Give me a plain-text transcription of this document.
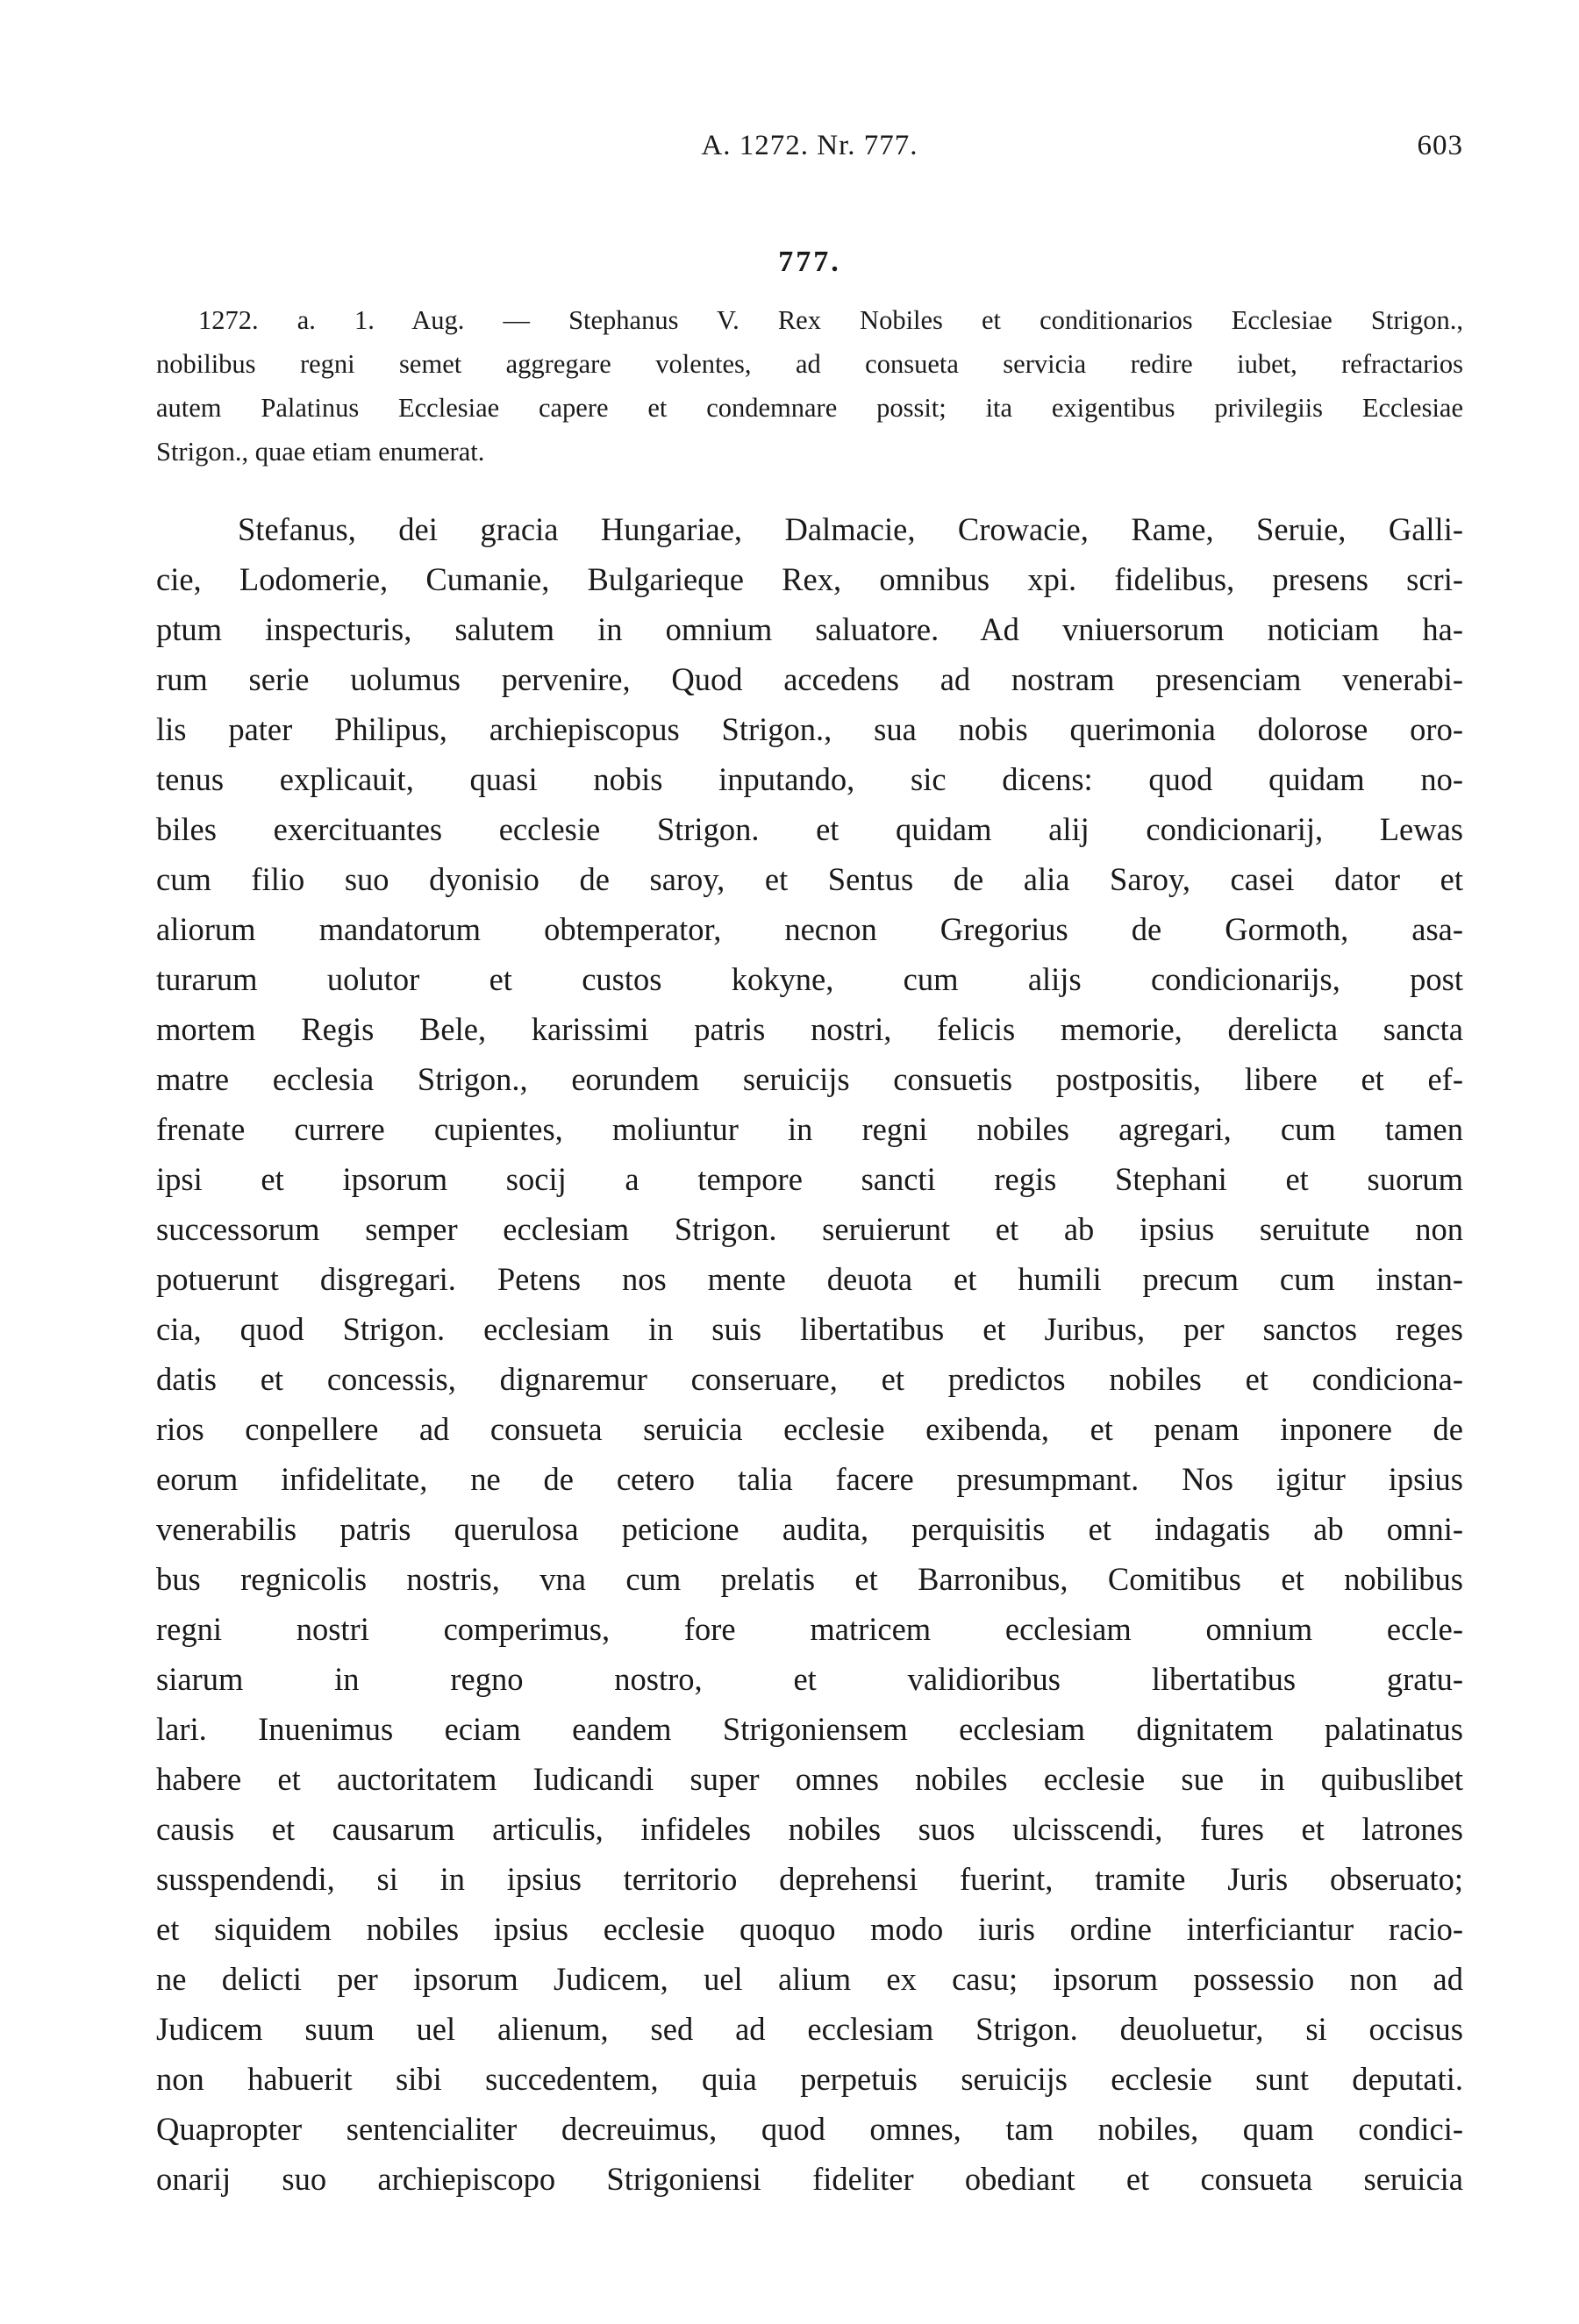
A. 1272. Nr. 777.	603
777.
1272. a. 1. Aug. — Stephanus V. Rex Nobiles et conditionarios Ecclesiae Strigon.,
nobilibus regni semet aggregare volentes, ad consueta servicia redire iubet, refractarios
autem Palatinus Ecclesiae capere et condemnare possit; ita exigentibus privilegiis Ecclesiae
Strigon., quae etiam enumerat.
Stefanus, dei gracia Hungariae, Dalmacie, Crowacie, Rame, Seruie, Galli-
cie, Lodomerie, Cumanie, Bulgarieque Rex, omnibus xpi. fidelibus, presens scri-
ptum inspecturis, salutem in omnium saluatore. Ad vniuersorum noticiam ha-
rum serie uolumus pervenire, Quod accedens ad nostram presenciam venerabi-
lis pater Philipus, archiepiscopus Strigon., sua nobis querimonia dolorose oro-
tenus explicauit, quasi nobis inputando, sic dicens: quod quidam no-
biles exercituantes ecclesie Strigon. et quidam alij condicionarij, Lewas
cum filio suo dyonisio de saroy, et Sentus de alia Saroy, casei dator et
aliorum mandatorum obtemperator, necnon Gregorius de Gormoth, asa-
turarum uolutor et custos kokyne, cum alijs condicionarijs, post
mortem Regis Bele, karissimi patris nostri, felicis memorie, derelicta sancta
matre ecclesia Strigon., eorundem seruicijs consuetis postpositis, libere et ef-
frenate currere cupientes, moliuntur in regni nobiles agregari, cum tamen
ipsi et ipsorum socij a tempore sancti regis Stephani et suorum
successorum semper ecclesiam Strigon. seruierunt et ab ipsius seruitute non
potuerunt disgregari. Petens nos mente deuota et humili precum cum instan-
cia, quod Strigon. ecclesiam in suis libertatibus et Juribus, per sanctos reges
datis et concessis, dignaremur conseruare, et predictos nobiles et condiciona-
rios conpellere ad consueta seruicia ecclesie exibenda, et penam inponere de
eorum infidelitate, ne de cetero talia facere presumpmant. Nos igitur ipsius
venerabilis patris querulosa peticione audita, perquisitis et indagatis ab omni-
bus regnicolis nostris, vna cum prelatis et Barronibus, Comitibus et nobilibus
regni nostri comperimus, fore matricem ecclesiam omnium eccle-
siarum in regno nostro, et validioribus libertatibus gratu-
lari. Inuenimus eciam eandem Strigoniensem ecclesiam dignitatem palatinatus
habere et auctoritatem Iudicandi super omnes nobiles ecclesie sue in quibuslibet
causis et causarum articulis, infideles nobiles suos ulcisscendi, fures et latrones
susspendendi, si in ipsius territorio deprehensi fuerint, tramite Juris obseruato;
et siquidem nobiles ipsius ecclesie quoquo modo iuris ordine interficiantur racio-
ne delicti per ipsorum Judicem, uel alium ex casu; ipsorum possessio non ad
Judicem suum uel alienum, sed ad ecclesiam Strigon. deuoluetur, si occisus
non habuerit sibi succedentem, quia perpetuis seruicijs ecclesie sunt deputati.
Quapropter sentencialiter decreuimus, quod omnes, tam nobiles, quam condici-
onarij suo archiepiscopo Strigoniensi fideliter obediant et consueta seruicia
